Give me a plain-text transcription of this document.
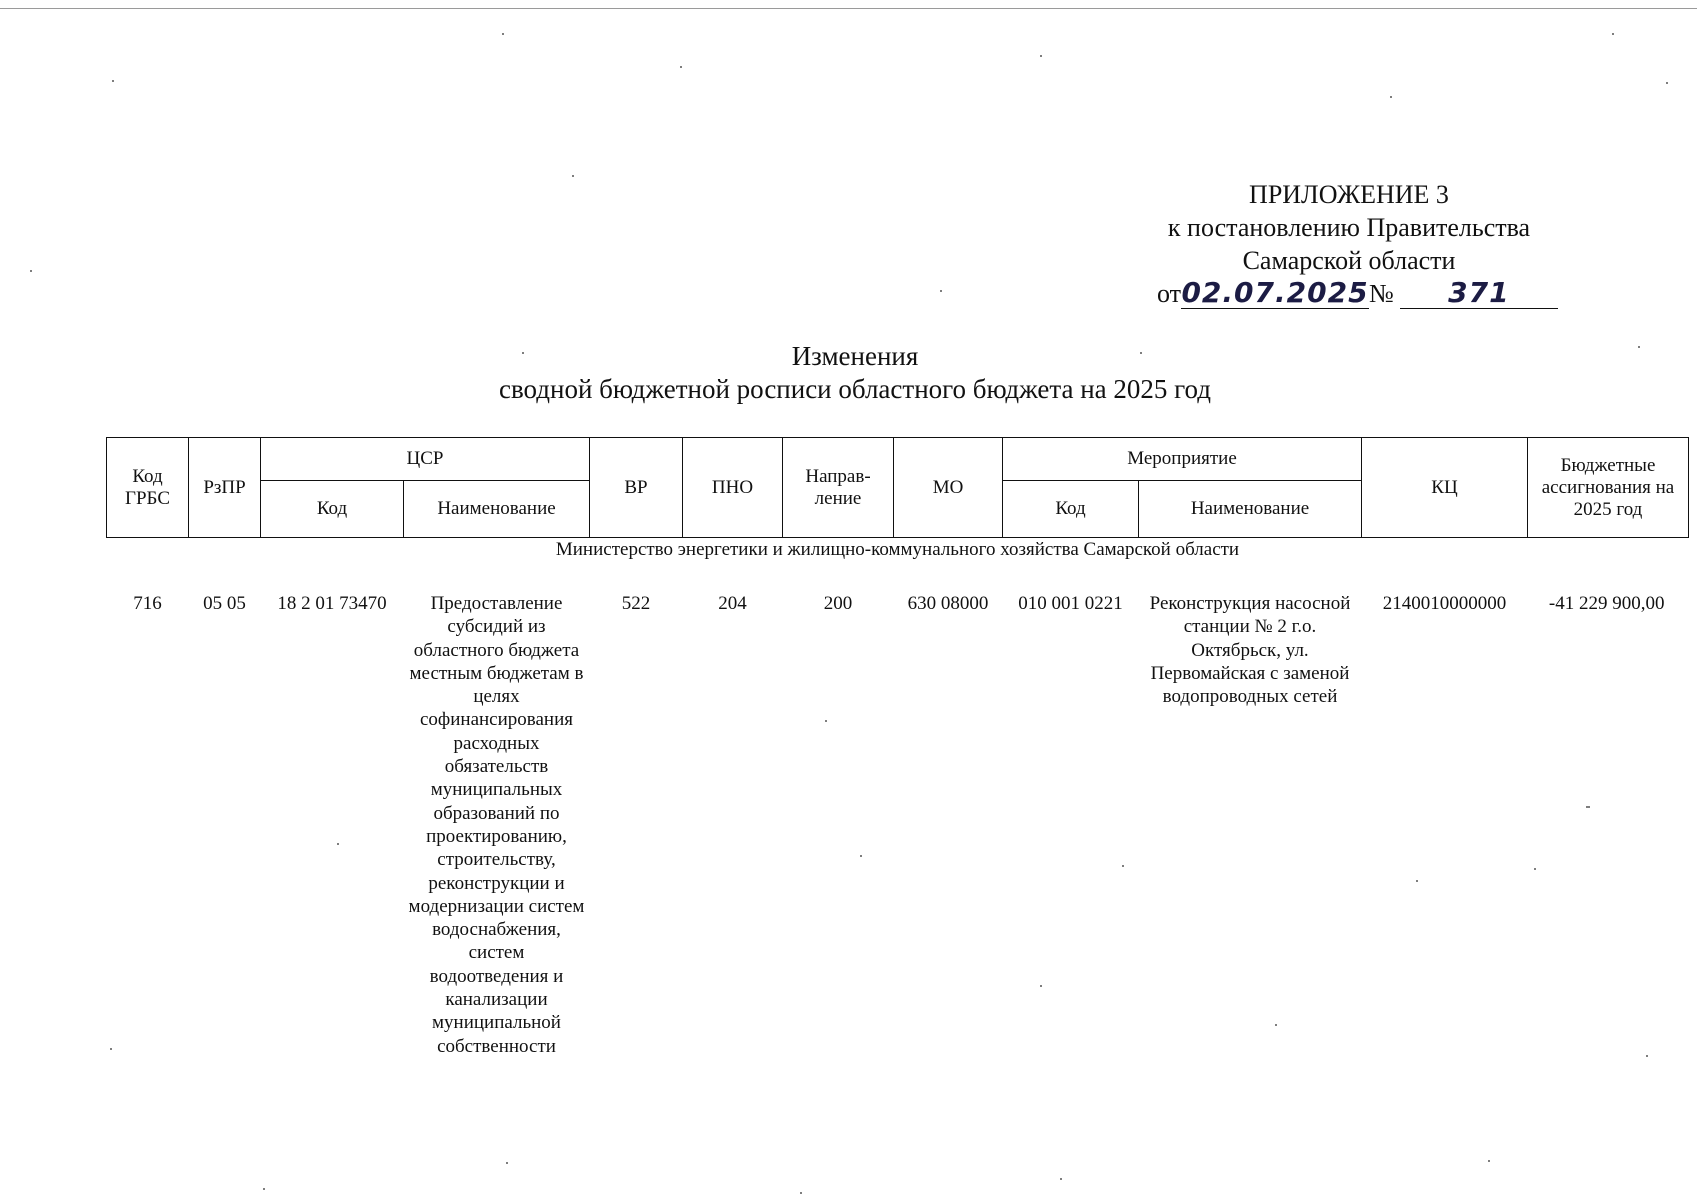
ПРИЛОЖЕНИЕ 3
к постановлению Правительства
Самарской области
от02.07.2025№ 371
Изменения
сводной бюджетной росписи областного бюджета на 2025 год
Код ГРБС	РзПР	ЦСР		ВР	ПНО	Направ-ление	МО	Мероприятие		КЦ	Бюджетные ассигнования на 2025 год
		Код	Наименование					Код	Наименование		
Министерство энергетики и жилищно-коммунального хозяйства Самарской области											

716	05 05	18 2 01 73470	Предоставление субсидий из областного бюджета местным бюджетам в целях софинансирования расходных обязательств муниципальных образований по проектированию, строительству, реконструкции и модернизации систем водоснабжения, систем водоотведения и канализации муниципальной собственности	522	204	200	630 08000	010 001 0221	Реконструкция насосной станции № 2 г.о. Октябрьск, ул. Первомайская с заменой водопроводных сетей	2140010000000	-41 229 900,00
